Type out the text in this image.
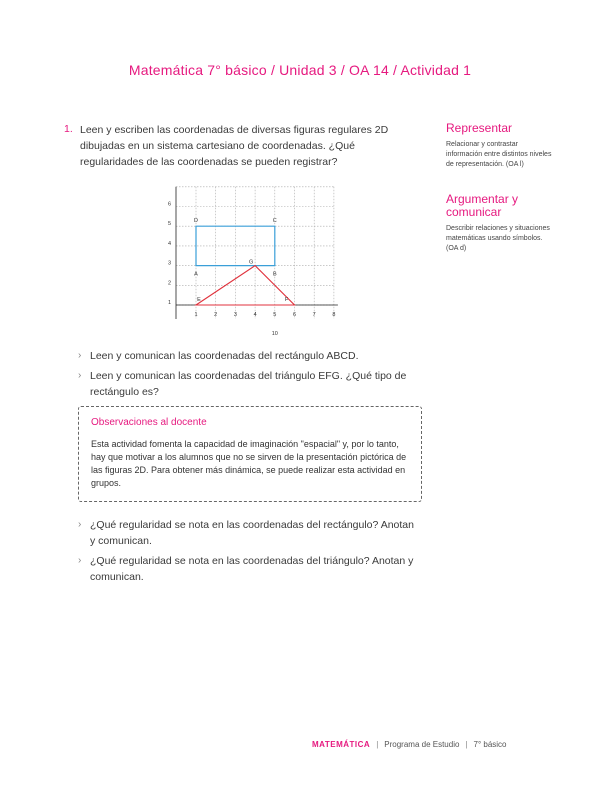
Matemática 7° básico / Unidad 3 / OA 14 / Actividad 1
1. Leen y escriben las coordenadas de diversas figuras regulares 2D dibujadas en un sistema cartesiano de coordenadas. ¿Qué regularidades de las coordenadas se pueden registrar?
Representar
Relacionar y contrastar información entre distintos niveles de representación. (OA l)
Argumentar y comunicar
Describir relaciones y situaciones matemáticas usando símbolos. (OA d)
1	2	3	4	5	6	7	8
1
2
3
4
5
6
10
A	B
C
D
E
G
F
› Leen y comunican las coordenadas del rectángulo ABCD.
› Leen y comunican las coordenadas del triángulo EFG. ¿Qué tipo de rectángulo es?
Observaciones al docente
Esta actividad fomenta la capacidad de imaginación "espacial" y, por lo tanto, hay que motivar a los alumnos que no se sirven de la presentación pictórica de las figuras 2D. Para obtener más dinámica, se puede realizar esta actividad en grupos.
› ¿Qué regularidad se nota en las coordenadas del rectángulo? Anotan y comunican.
› ¿Qué regularidad se nota en las coordenadas del triángulo? Anotan y comunican.
MATEMÁTICA | Programa de Estudio | 7° básico
